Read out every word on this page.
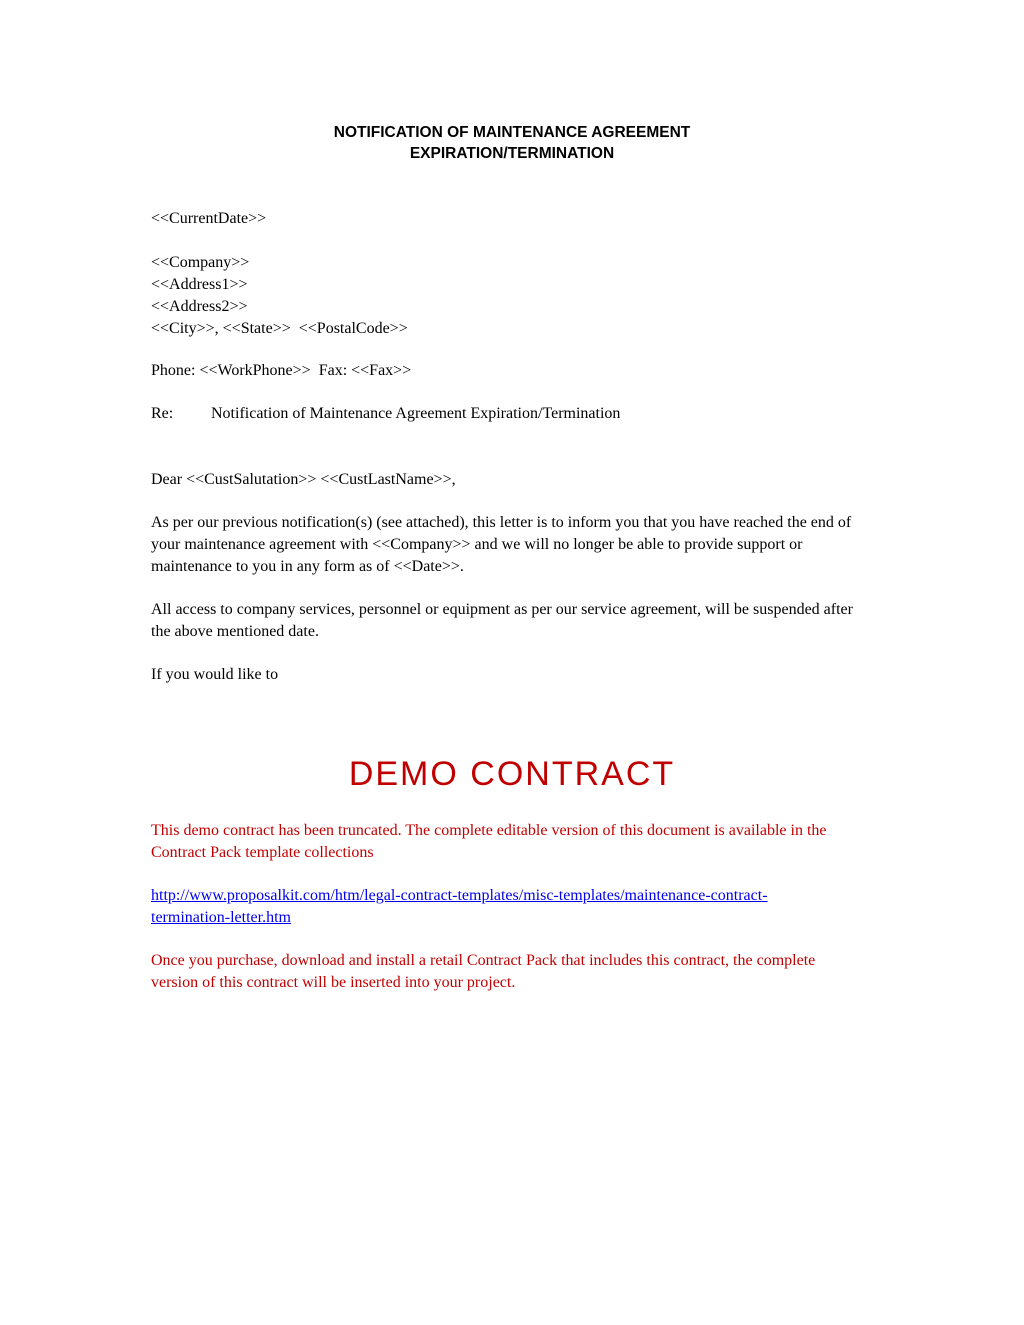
NOTIFICATION OF MAINTENANCE AGREEMENT
EXPIRATION/TERMINATION
<<CurrentDate>>
<<Company>>
<<Address1>>
<<Address2>>
<<City>>, <<State>>  <<PostalCode>>
Phone: <<WorkPhone>>  Fax: <<Fax>>
Re: Notification of Maintenance Agreement Expiration/Termination
Dear <<CustSalutation>> <<CustLastName>>,
As per our previous notification(s) (see attached), this letter is to inform you that you have reached the end of your maintenance agreement with <<Company>> and we will no longer be able to provide support or maintenance to you in any form as of <<Date>>.
All access to company services, personnel or equipment as per our service agreement, will be suspended after the above mentioned date.
If you would like to
DEMO CONTRACT
This demo contract has been truncated. The complete editable version of this document is available in the Contract Pack template collections
http://www.proposalkit.com/htm/legal-contract-templates/misc-templates/maintenance-contract-
termination-letter.htm
Once you purchase, download and install a retail Contract Pack that includes this contract, the complete version of this contract will be inserted into your project.
